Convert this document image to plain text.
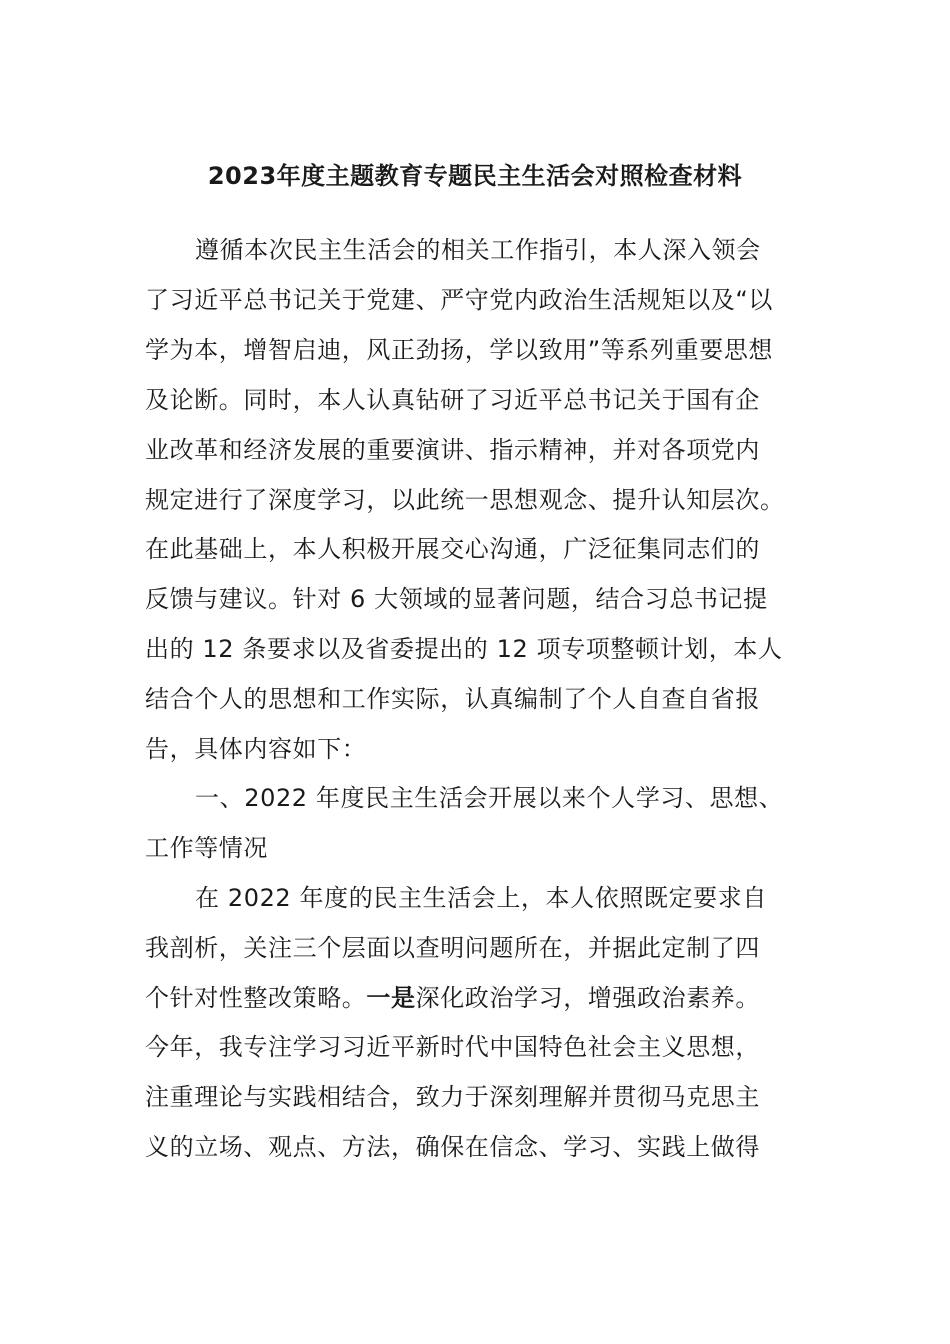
2023年度主题教育专题民主生活会对照检查材料
遵循本次民主生活会的相关工作指引，本人深入领会
了习近平总书记关于党建、严守党内政治生活规矩以及“以
学为本，增智启迪，风正劲扬，学以致用”等系列重要思想
及论断。同时，本人认真钻研了习近平总书记关于国有企
业改革和经济发展的重要演讲、指示精神，并对各项党内
规定进行了深度学习，以此统一思想观念、提升认知层次。
在此基础上，本人积极开展交心沟通，广泛征集同志们的
反馈与建议。针对 6 大领域的显著问题，结合习总书记提
出的 12 条要求以及省委提出的 12 项专项整顿计划，本人
结合个人的思想和工作实际，认真编制了个人自查自省报
告，具体内容如下：
一、2022 年度民主生活会开展以来个人学习、思想、
工作等情况
在 2022 年度的民主生活会上，本人依照既定要求自
我剖析，关注三个层面以查明问题所在，并据此定制了四
个针对性整改策略。一是深化政治学习，增强政治素养。
今年，我专注学习习近平新时代中国特色社会主义思想，
注重理论与实践相结合，致力于深刻理解并贯彻马克思主
义的立场、观点、方法，确保在信念、学习、实践上做得
